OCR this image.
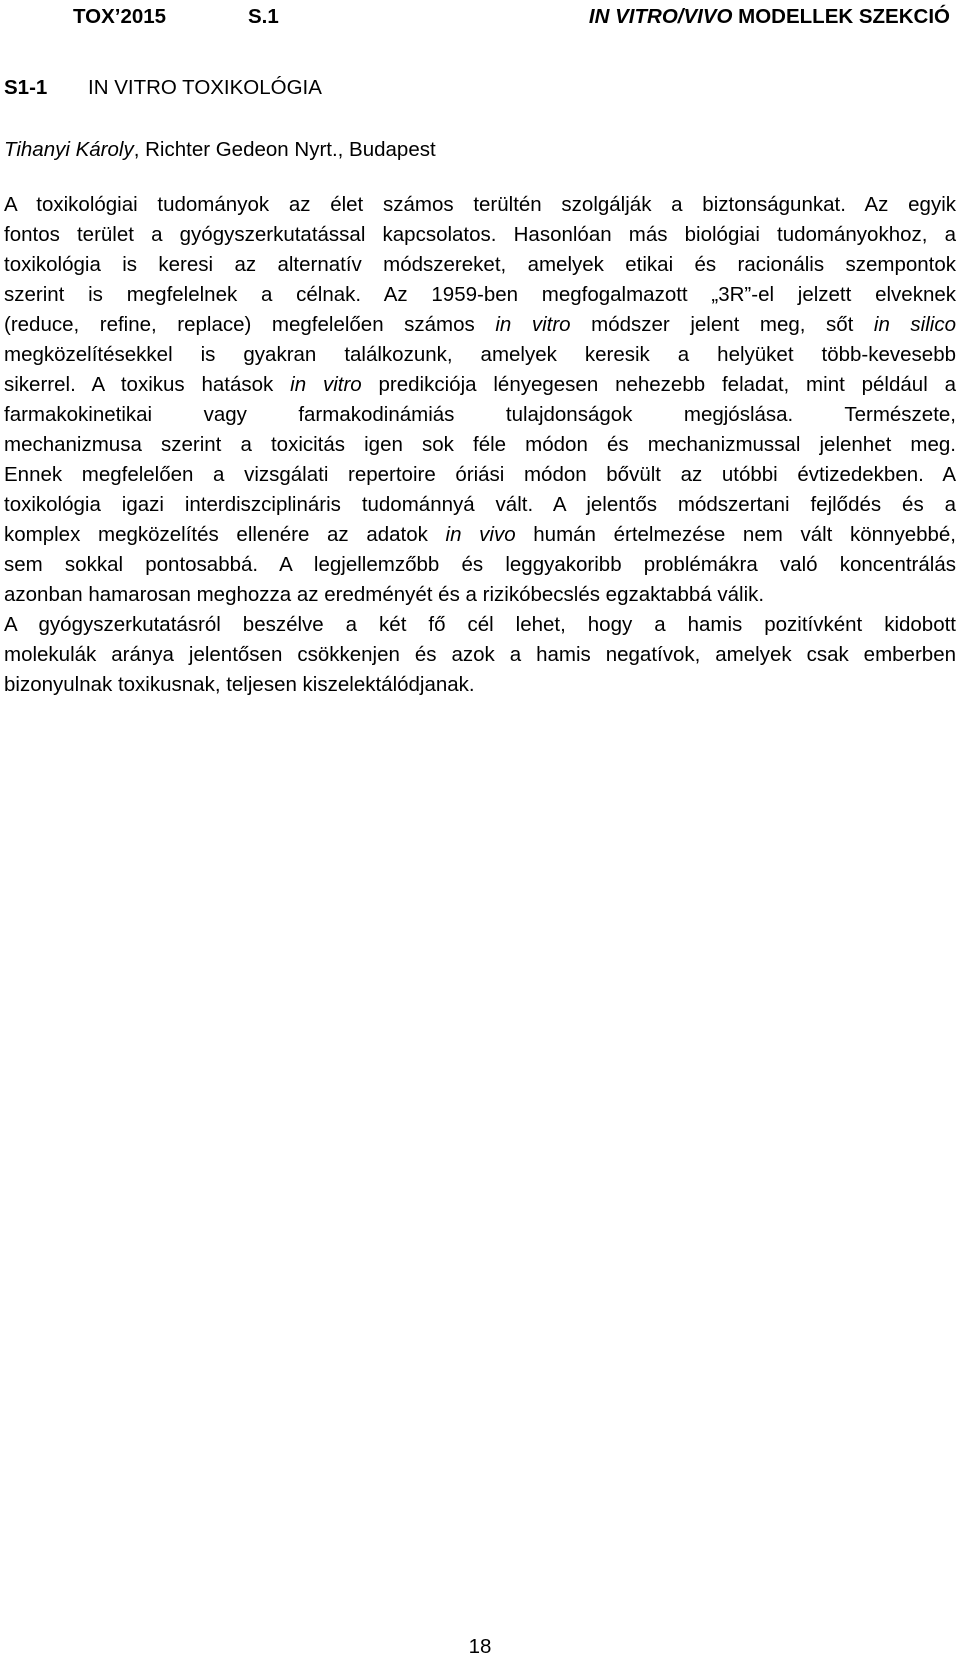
TOX’2015	S.1	IN VITRO/VIVO MODELLEK SZEKCIÓ
S1-1 IN VITRO TOXIKOLÓGIA
Tihanyi Károly, Richter Gedeon Nyrt., Budapest
A toxikológiai tudományok az élet számos terültén szolgálják a biztonságunkat. Az egyik
fontos terület a gyógyszerkutatással kapcsolatos. Hasonlóan más biológiai tudományokhoz, a
toxikológia is keresi az alternatív módszereket, amelyek etikai és racionális szempontok
szerint is megfelelnek a célnak. Az 1959-ben megfogalmazott „3R”-el jelzett elveknek
(reduce, refine, replace) megfelelően számos in vitro módszer jelent meg, sőt in silico
megközelítésekkel is gyakran találkozunk, amelyek keresik a helyüket több-kevesebb
sikerrel. A toxikus hatások in vitro predikciója lényegesen nehezebb feladat, mint például a
farmakokinetikai vagy farmakodinámiás tulajdonságok megjóslása. Természete,
mechanizmusa szerint a toxicitás igen sok féle módon és mechanizmussal jelenhet meg.
Ennek megfelelően a vizsgálati repertoire óriási módon bővült az utóbbi évtizedekben. A
toxikológia igazi interdiszciplináris tudománnyá vált. A jelentős módszertani fejlődés és a
komplex megközelítés ellenére az adatok in vivo humán értelmezése nem vált könnyebbé,
sem sokkal pontosabbá. A legjellemzőbb és leggyakoribb problémákra való koncentrálás
azonban hamarosan meghozza az eredményét és a rizikóbecslés egzaktabbá válik.
A gyógyszerkutatásról beszélve a két fő cél lehet, hogy a hamis pozitívként kidobott
molekulák aránya jelentősen csökkenjen és azok a hamis negatívok, amelyek csak emberben
bizonyulnak toxikusnak, teljesen kiszelektálódjanak.
18
